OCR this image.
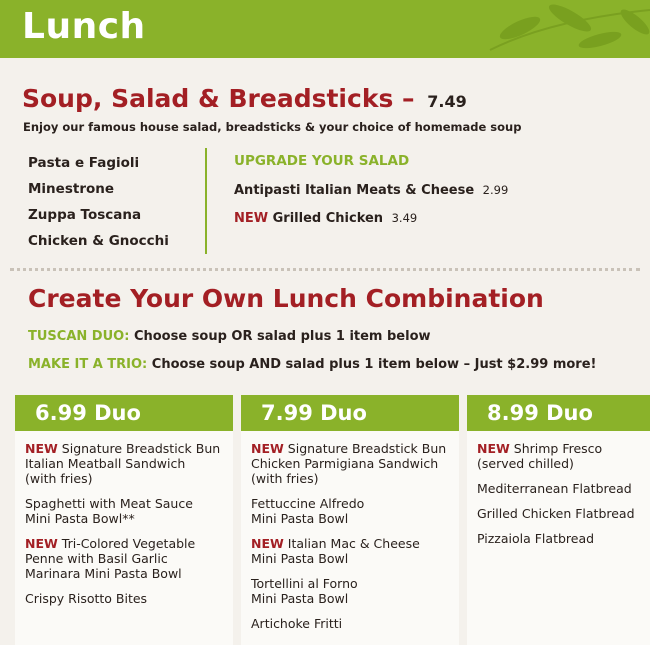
Lunch
Soup, Salad & Breadsticks – 7.49
Enjoy our famous house salad, breadsticks & your choice of homemade soup
Pasta e Fagioli
Minestrone
Zuppa Toscana
Chicken & Gnocchi
UPGRADE YOUR SALAD
Antipasti Italian Meats & Cheese 2.99
NEW Grilled Chicken 3.49
Create Your Own Lunch Combination
TUSCAN DUO: Choose soup OR salad plus 1 item below
MAKE IT A TRIO: Choose soup AND salad plus 1 item below – Just $2.99 more!
6.99 Duo
NEW Signature Breadstick Bun
Italian Meatball Sandwich
(with fries)
Spaghetti with Meat Sauce
Mini Pasta Bowl**
NEW Tri-Colored Vegetable
Penne with Basil Garlic
Marinara Mini Pasta Bowl
Crispy Risotto Bites
7.99 Duo
NEW Signature Breadstick Bun
Chicken Parmigiana Sandwich
(with fries)
Fettuccine Alfredo
Mini Pasta Bowl
NEW Italian Mac & Cheese
Mini Pasta Bowl
Tortellini al Forno
Mini Pasta Bowl
Artichoke Fritti
8.99 Duo
NEW Shrimp Fresco
(served chilled)
Mediterranean Flatbread
Grilled Chicken Flatbread
Pizzaiola Flatbread
